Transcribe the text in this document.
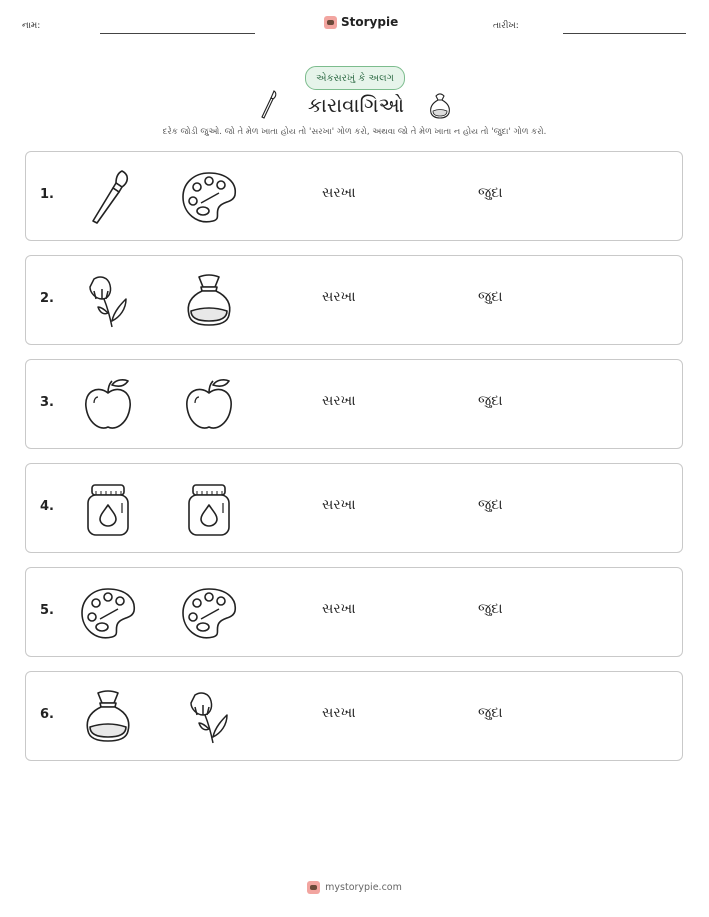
નામ:	Storypie	તારીખ:
એકસરખું કે અલગ
કારાવાગિઓ
દરેક જોડી જુઓ. જો તે મેળ ખાતા હોય તો 'સરખા' ગોળ કરો, અથવા જો તે મેળ ખાતા ન હોય તો 'જુદા' ગોળ કરો.
1.	સરખા	જુદા
2.	સરખા	જુદા
3.	સરખા	જુદા
4.	સરખા	જુદા
5.	સરખા	જુદા
6.	સરખા	જુદા
mystorypie.com
